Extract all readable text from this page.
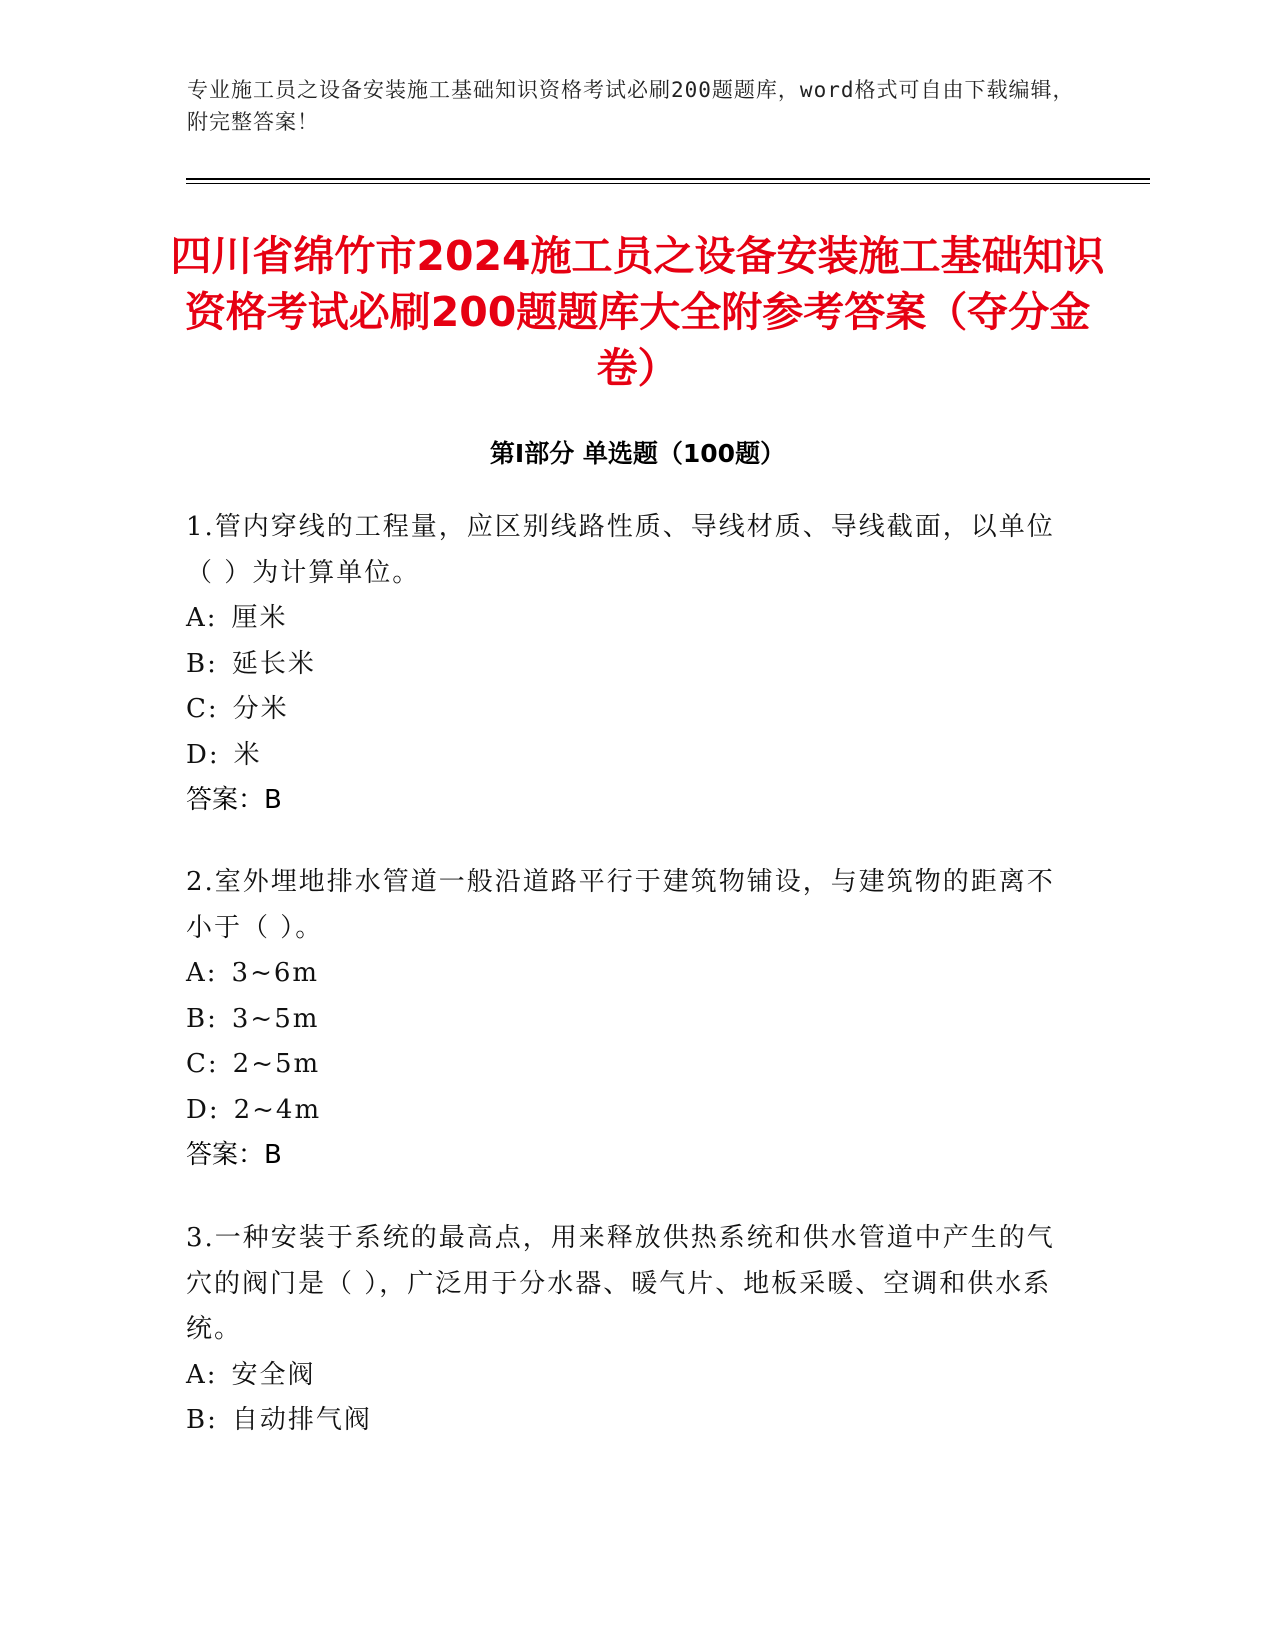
专业施工员之设备安装施工基础知识资格考试必刷200题题库，word格式可自由下载编辑，附完整答案！
四川省绵竹市2024施工员之设备安装施工基础知识资格考试必刷200题题库大全附参考答案（夺分金卷）
第Ⅰ部分 单选题（100题）

1.管内穿线的工程量，应区别线路性质、导线材质、导线截面，以单位（ ）为计算单位。

A: 厘米

B: 延长米

C: 分米

D: 米

答案：B

2.室外埋地排水管道一般沿道路平行于建筑物铺设，与建筑物的距离不小于（ ）。

A: 3~6m

B: 3~5m

C: 2~5m

D: 2~4m

答案：B

3.一种安装于系统的最高点，用来释放供热系统和供水管道中产生的气穴的阀门是（ ），广泛用于分水器、暖气片、地板采暖、空调和供水系统。

A: 安全阀

B: 自动排气阀
